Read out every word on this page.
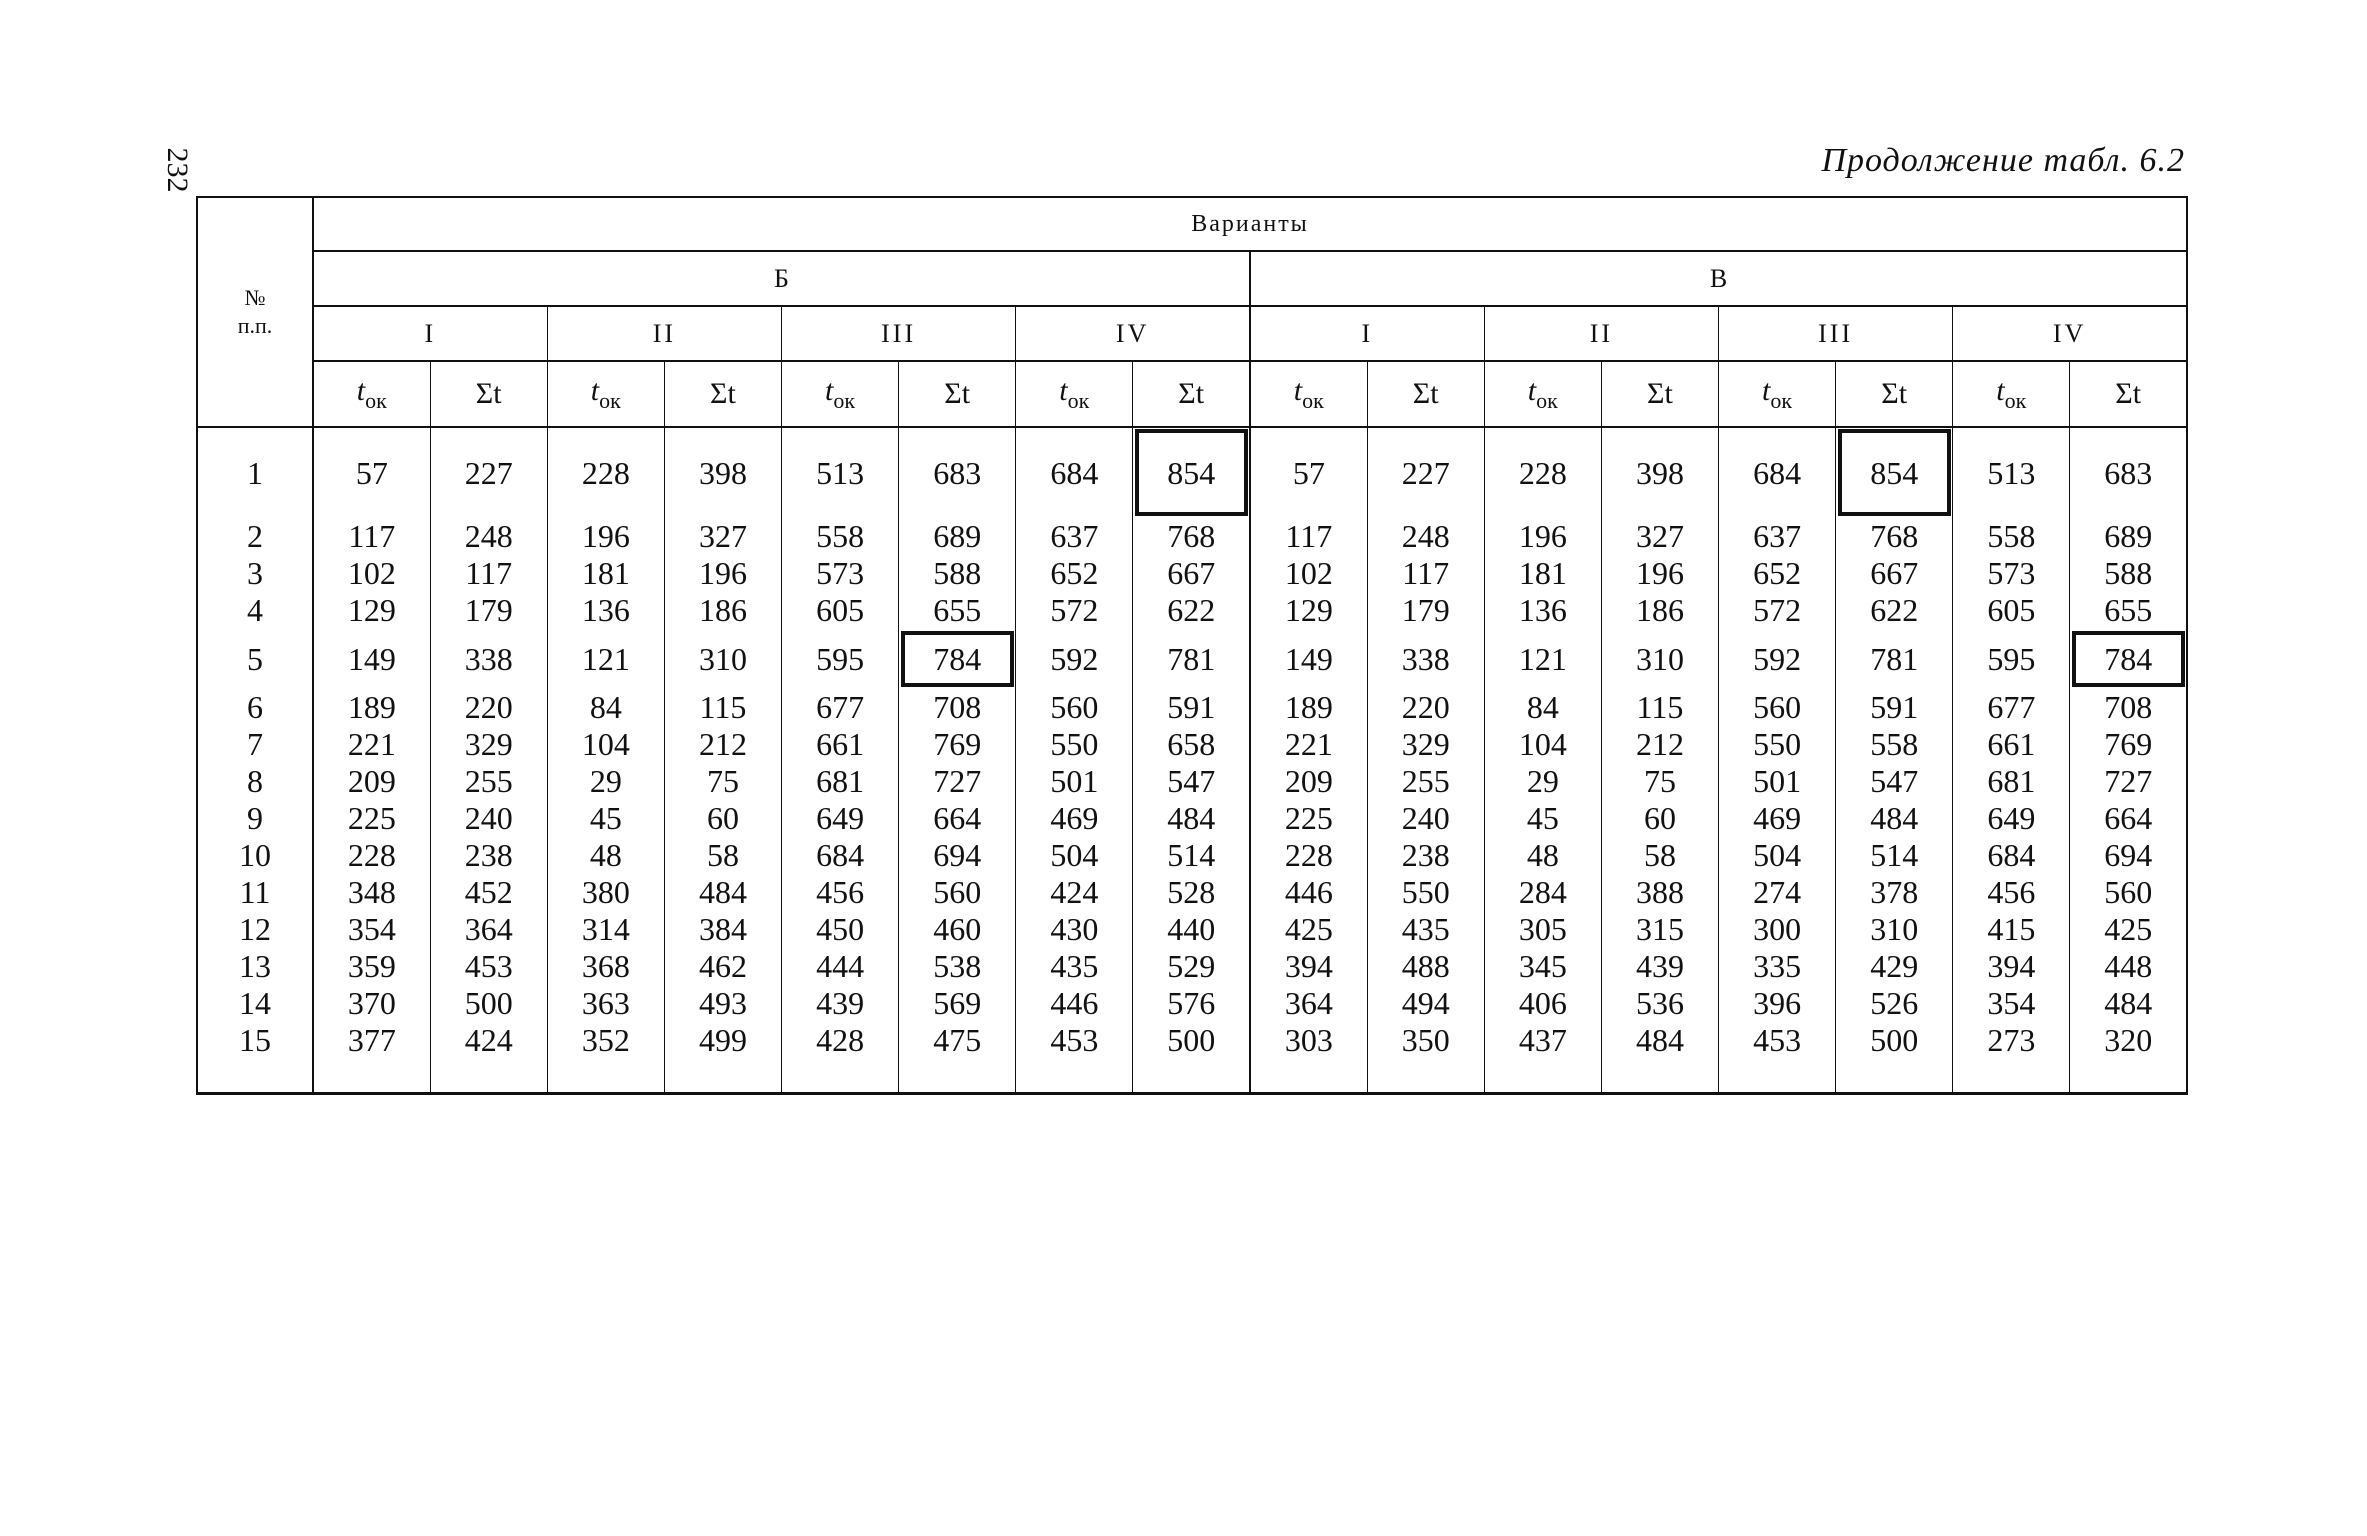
232	Продолжение табл. 6.2
№
п.п.	Варианты															
	Б								В							
	I		II		III		IV		I		II		III		IV	
	$t_{ок}$	Σt	$t_{ок}$	Σt	$t_{ок}$	Σt	$t_{ок}$	Σt	$t_{ок}$	Σt	$t_{ок}$	Σt	$t_{ок}$	Σt	$t_{ок}$	Σt
1	57	227	228	398	513	683	684	854	57	227	228	398	684	854	513	683
2	117	248	196	327	558	689	637	768	117	248	196	327	637	768	558	689
3	102	117	181	196	573	588	652	667	102	117	181	196	652	667	573	588
4	129	179	136	186	605	655	572	622	129	179	136	186	572	622	605	655
5	149	338	121	310	595	784	592	781	149	338	121	310	592	781	595	784
6	189	220	84	115	677	708	560	591	189	220	84	115	560	591	677	708
7	221	329	104	212	661	769	550	658	221	329	104	212	550	558	661	769
8	209	255	29	75	681	727	501	547	209	255	29	75	501	547	681	727
9	225	240	45	60	649	664	469	484	225	240	45	60	469	484	649	664
10	228	238	48	58	684	694	504	514	228	238	48	58	504	514	684	694
11	348	452	380	484	456	560	424	528	446	550	284	388	274	378	456	560
12	354	364	314	384	450	460	430	440	425	435	305	315	300	310	415	425
13	359	453	368	462	444	538	435	529	394	488	345	439	335	429	394	448
14	370	500	363	493	439	569	446	576	364	494	406	536	396	526	354	484
15	377	424	352	499	428	475	453	500	303	350	437	484	453	500	273	320
